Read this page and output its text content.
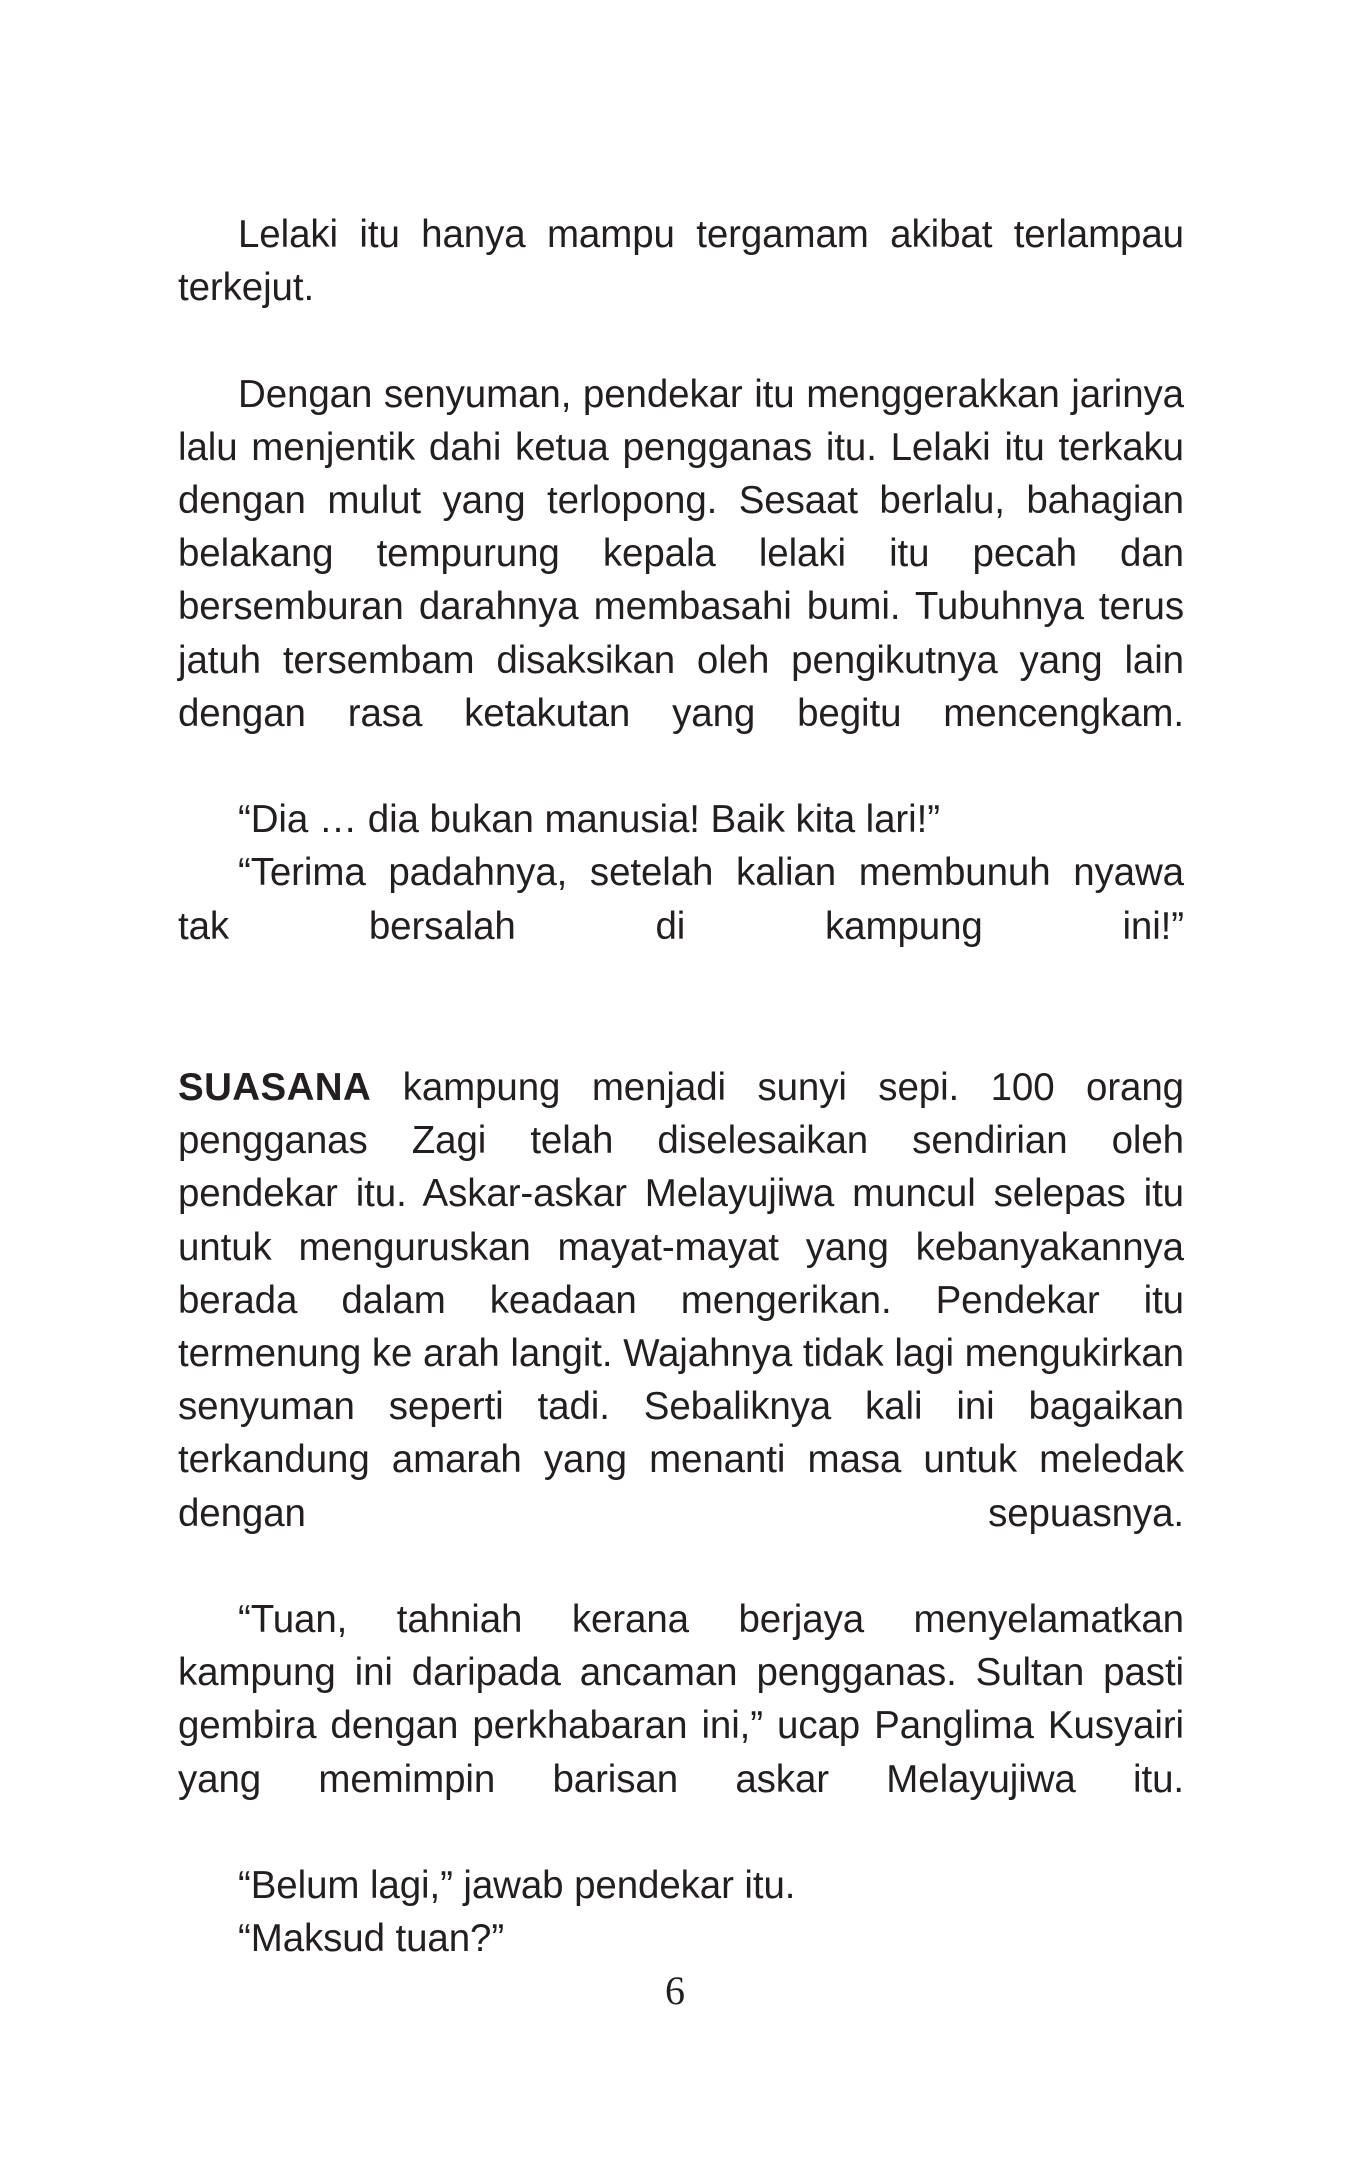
Lelaki itu hanya mampu tergamam akibat terlampau terkejut.

Dengan senyuman, pendekar itu menggerakkan jarinya lalu menjentik dahi ketua pengganas itu. Lelaki itu terkaku dengan mulut yang terlopong. Sesaat berlalu, bahagian belakang tempurung kepala lelaki itu pecah dan bersemburan darahnya membasahi bumi. Tubuhnya terus jatuh tersembam disaksikan oleh pengikutnya yang lain dengan rasa ketakutan yang begitu mencengkam.

“Dia … dia bukan manusia! Baik kita lari!”

“Terima padahnya, setelah kalian membunuh nyawa tak bersalah di kampung ini!”

SUASANA kampung menjadi sunyi sepi. 100 orang pengganas Zagi telah diselesaikan sendirian oleh pendekar itu. Askar-askar Melayujiwa muncul selepas itu untuk menguruskan mayat-mayat yang kebanyakannya berada dalam keadaan mengerikan. Pendekar itu termenung ke arah langit. Wajahnya tidak lagi mengukirkan senyuman seperti tadi. Sebaliknya kali ini bagaikan terkandung amarah yang menanti masa untuk meledak dengan sepuasnya.

“Tuan, tahniah kerana berjaya menyelamatkan kampung ini daripada ancaman pengganas. Sultan pasti gembira dengan perkhabaran ini,” ucap Panglima Kusyairi yang memimpin barisan askar Melayujiwa itu.

“Belum lagi,” jawab pendekar itu.

“Maksud tuan?”

6
